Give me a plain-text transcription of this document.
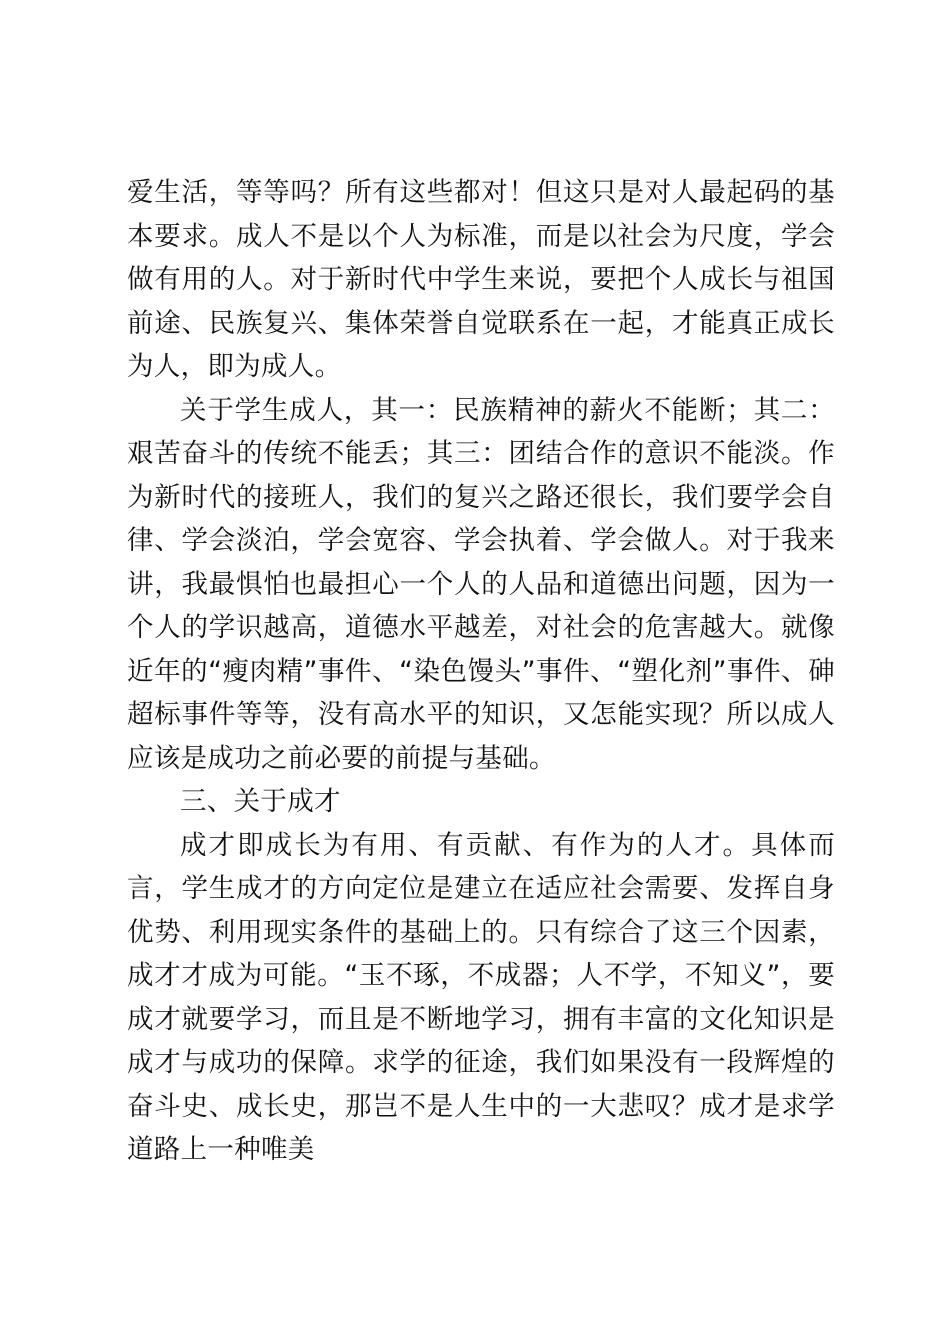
爱生活，等等吗？所有这些都对！但这只是对人最起码的基本要求。成人不是以个人为标准，而是以社会为尺度，学会做有用的人。对于新时代中学生来说，要把个人成长与祖国前途、民族复兴、集体荣誉自觉联系在一起，才能真正成长为人，即为成人。

关于学生成人，其一：民族精神的薪火不能断；其二：艰苦奋斗的传统不能丢；其三：团结合作的意识不能淡。作为新时代的接班人，我们的复兴之路还很长，我们要学会自律、学会淡泊，学会宽容、学会执着、学会做人。对于我来讲，我最惧怕也最担心一个人的人品和道德出问题，因为一个人的学识越高，道德水平越差，对社会的危害越大。就像近年的“瘦肉精”事件、“染色馒头”事件、“塑化剂”事件、砷超标事件等等，没有高水平的知识，又怎能实现？所以成人应该是成功之前必要的前提与基础。

三、关于成才

成才即成长为有用、有贡献、有作为的人才。具体而言，学生成才的方向定位是建立在适应社会需要、发挥自身优势、利用现实条件的基础上的。只有综合了这三个因素，成才才成为可能。“玉不琢，不成器；人不学，不知义”，要成才就要学习，而且是不断地学习，拥有丰富的文化知识是成才与成功的保障。求学的征途，我们如果没有一段辉煌的奋斗史、成长史，那岂不是人生中的一大悲叹？成才是求学道路上一种唯美
